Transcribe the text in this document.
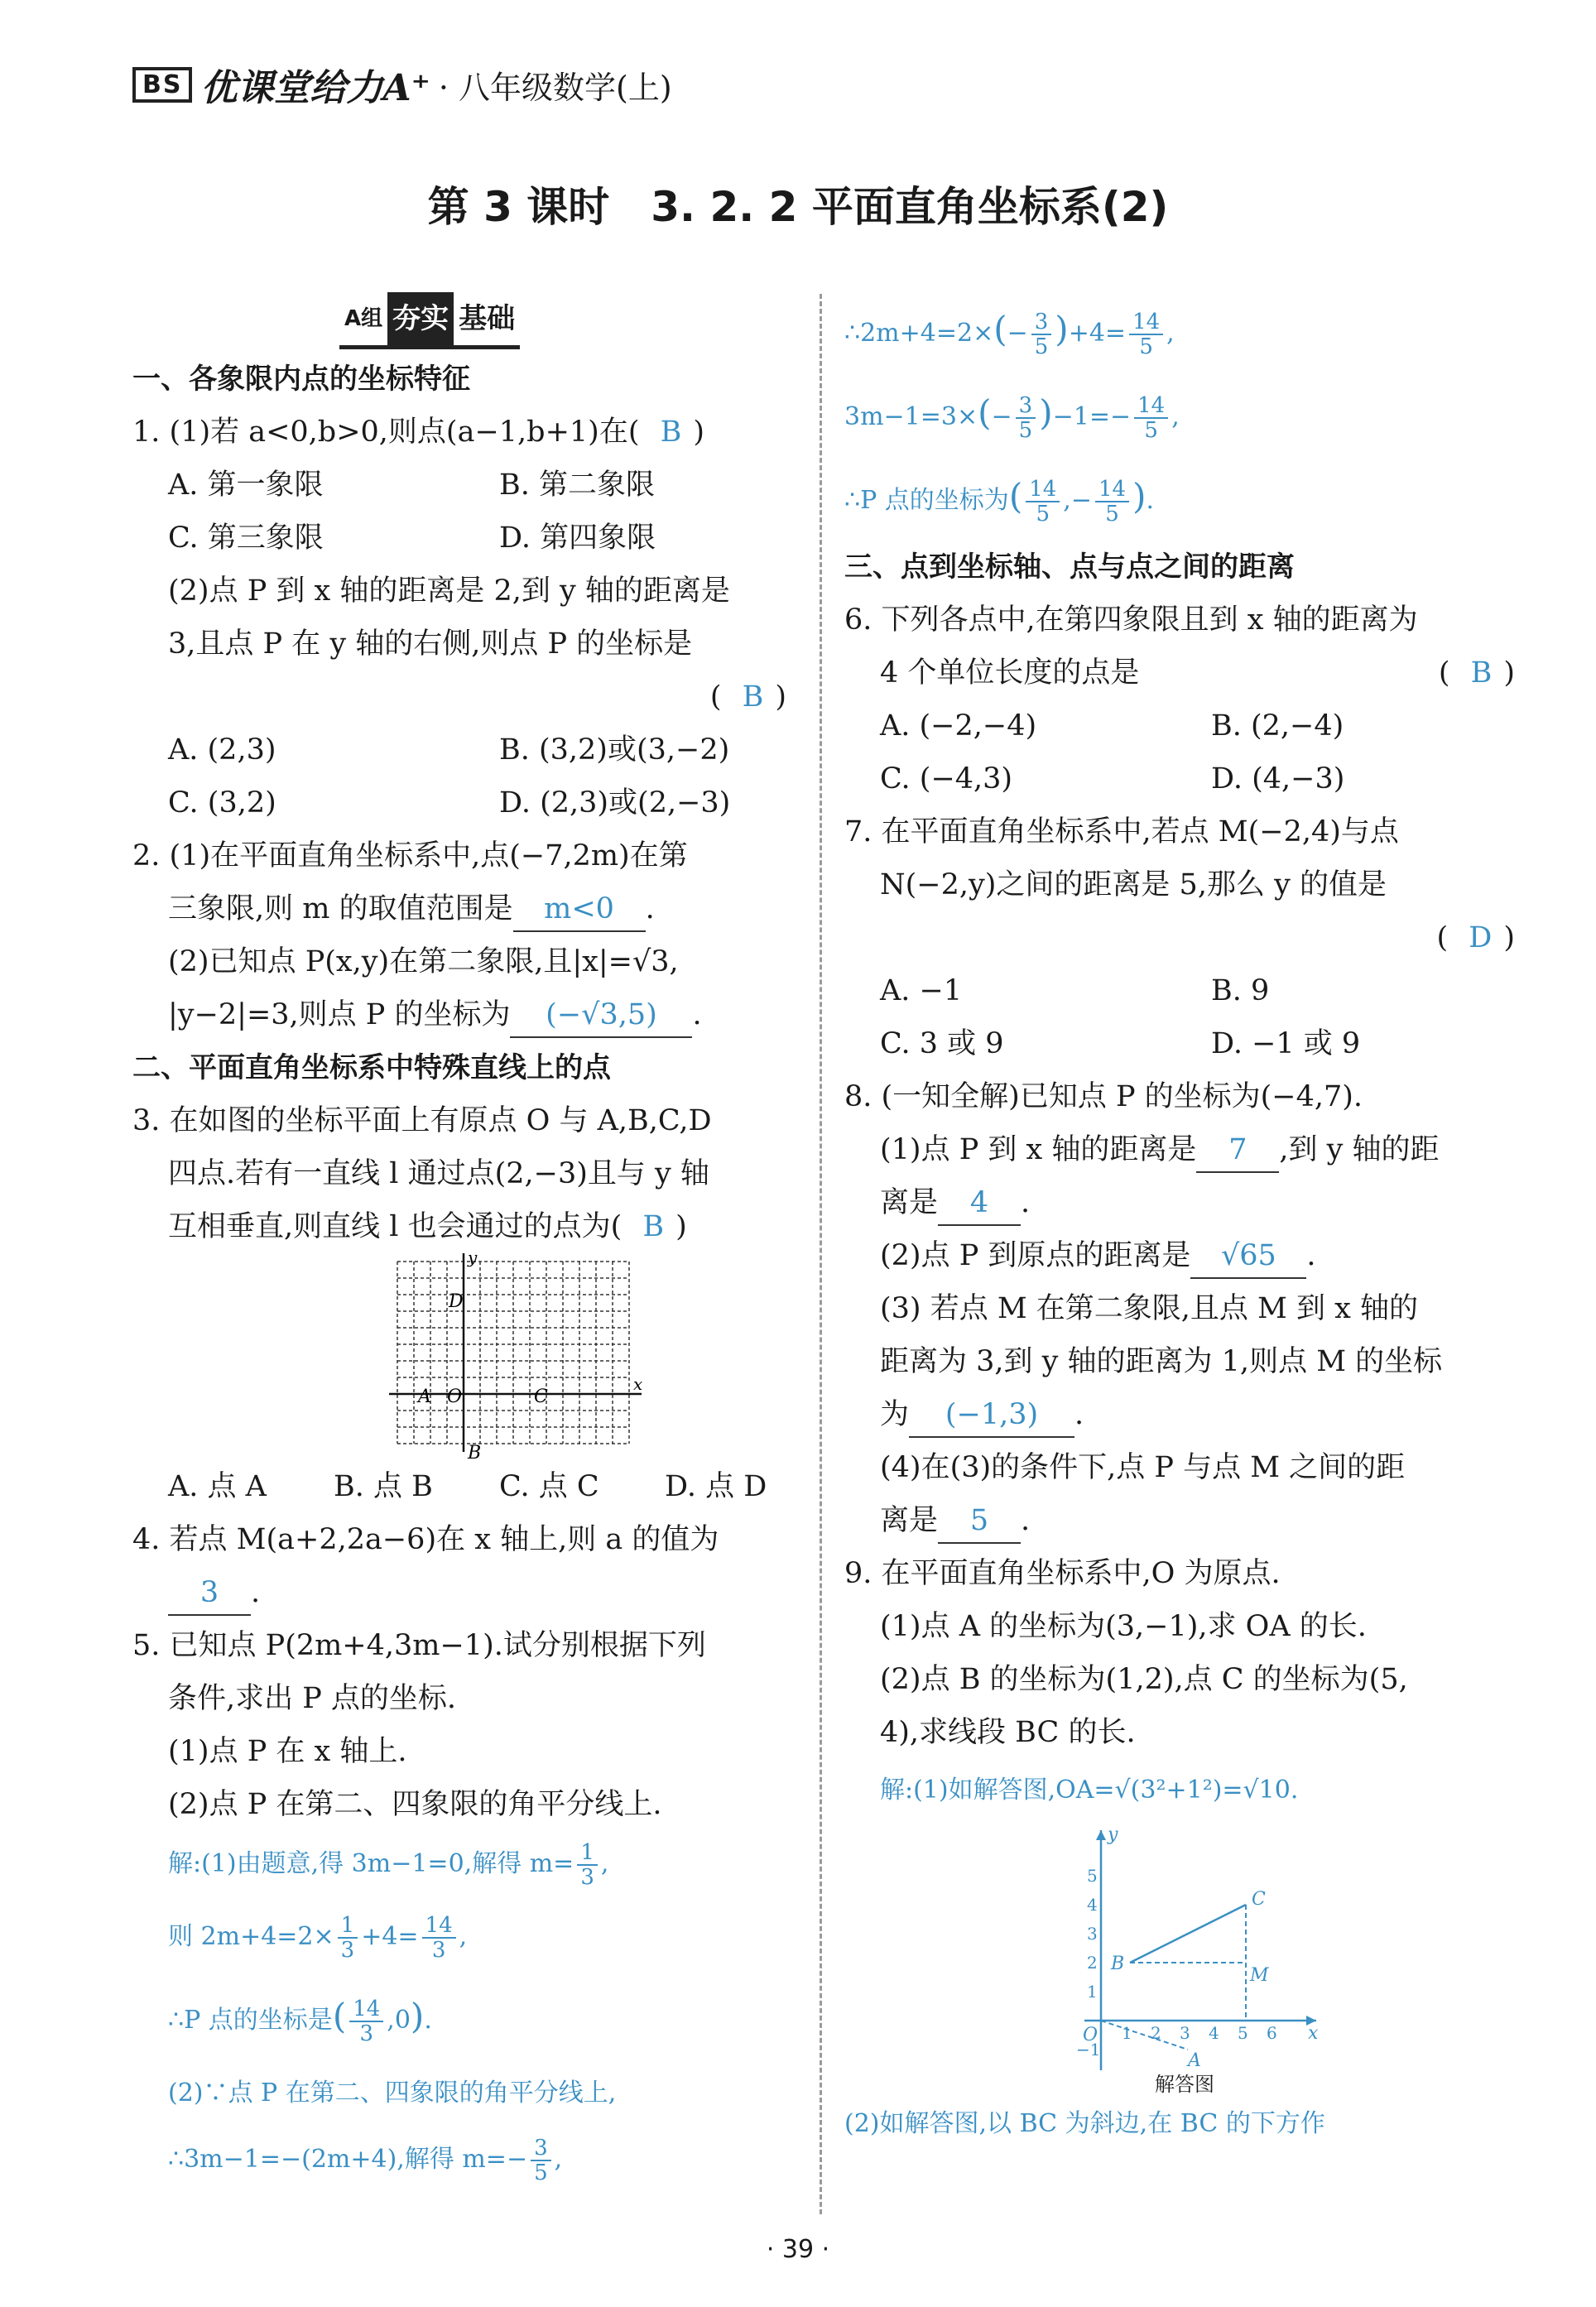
BS 优课堂给力A⁺ · 八年级数学(上)
第 3 课时　3. 2. 2 平面直角坐标系(2)
A组 夯实 基础
一、各象限内点的坐标特征
1. (1)若 a<0,b>0,则点(a−1,b+1)在( B )
A. 第一象限	B. 第二象限
C. 第三象限	D. 第四象限
(2)点 P 到 x 轴的距离是 2,到 y 轴的距离是
3,且点 P 在 y 轴的右侧,则点 P 的坐标是
( B )
A. (2,3)	B. (3,2)或(3,−2)
C. (3,2)	D. (2,3)或(2,−3)
2. (1)在平面直角坐标系中,点(−7,2m)在第
三象限,则 m 的取值范围是 m<0 .
(2)已知点 P(x,y)在第二象限,且|x|=√3,
|y−2|=3,则点 P 的坐标为 (−√3,5) .
二、平面直角坐标系中特殊直线上的点
3. 在如图的坐标平面上有原点 O 与 A,B,C,D
四点.若有一直线 l 通过点(2,−3)且与 y 轴
互相垂直,则直线 l 也会通过的点为( B )
y
x
D
A O	C
B
A. 点 A B. 点 B C. 点 C D. 点 D
4. 若点 M(a+2,2a−6)在 x 轴上,则 a 的值为
3 .
5. 已知点 P(2m+4,3m−1).试分别根据下列
条件,求出 P 点的坐标.
(1)点 P 在 x 轴上.
(2)点 P 在第二、四象限的角平分线上.
解:(1)由题意,得 3m−1=0,解得 $m= \frac{1}{3}$ ,
则 $2m+4=2\times \frac{1}{3} +4= \frac{14}{3}$ ,
∴P 点的坐标是( $\frac{14}{3} ,0$).
(2)∵点 P 在第二、四象限的角平分线上,
∴3m−1=−(2m+4),解得 $m=- \frac{3}{5}$ ,
∴2m+4=2×(− $\frac{3}{5} )+4= \frac{14}{5}$ ,
$3m-1=3\times(- \frac{3}{5} )-1=- \frac{14}{5}$ ,
∴P 点的坐标为( $\frac{14}{5}$ ,− $\frac{14}{5}$ ).
三、点到坐标轴、点与点之间的距离
6. 下列各点中,在第四象限且到 x 轴的距离为
4 个单位长度的点是	( B )
A. (−2,−4)	B. (2,−4)
C. (−4,3)	D. (4,−3)
7. 在平面直角坐标系中,若点 M(−2,4)与点
N(−2,y)之间的距离是 5,那么 y 的值是
( D )
A. −1	B. 9
C. 3 或 9	D. −1 或 9
8. (一知全解)已知点 P 的坐标为(−4,7).
(1)点 P 到 x 轴的距离是 7 ,到 y 轴的距
离是 4 .
(2)点 P 到原点的距离是 √65 .
(3) 若点 M 在第二象限,且点 M 到 x 轴的
距离为 3,到 y 轴的距离为 1,则点 M 的坐标
为 (−1,3) .
(4)在(3)的条件下,点 P 与点 M 之间的距
离是 5 .
9. 在平面直角坐标系中,O 为原点.
(1)点 A 的坐标为(3,−1),求 OA 的长.
(2)点 B 的坐标为(1,2),点 C 的坐标为(5,
4),求线段 BC 的长.
解:(1)如解答图,OA=√(3²+1²)=√10.
y
x
O 1 2 3 4 5 6
1
2
3
4
5
−1
B
C
M
A
解答图
(2)如解答图,以 BC 为斜边,在 BC 的下方作
· 39 ·
